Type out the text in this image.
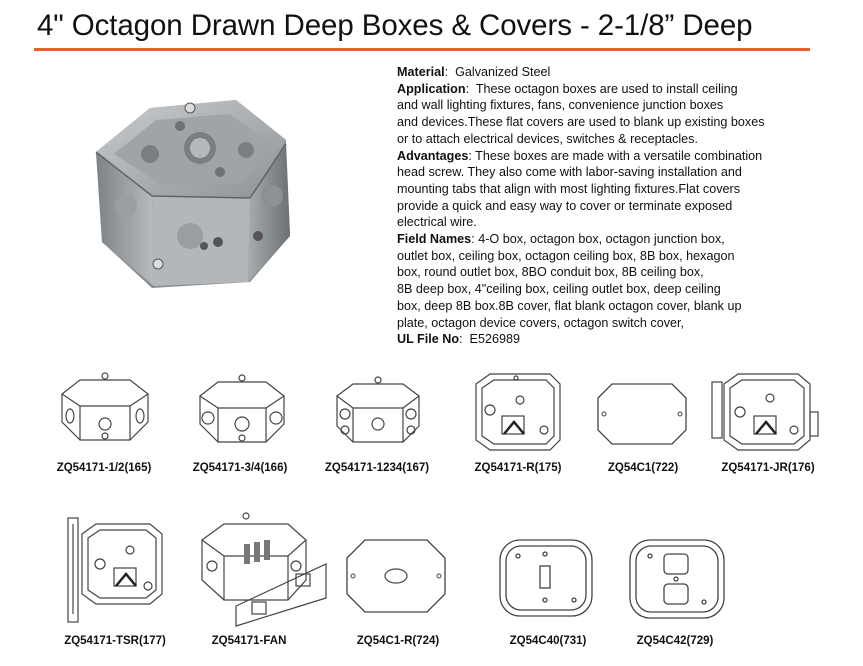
4" Octagon Drawn Deep Boxes & Covers - 2-1/8” Deep

Material: Galvanized Steel

Application: These octagon boxes are used to install ceiling
and wall lighting fixtures, fans, convenience junction boxes
and devices.These flat covers are used to blank up existing boxes
or to attach electrical devices, switches & receptacles.

Advantages: These boxes are made with a versatile combination
head screw. They also come with labor-saving installation and
mounting tabs that align with most lighting fixtures.Flat covers
provide a quick and easy way to cover or terminate exposed
electrical wire.

Field Names: 4-O box, octagon box, octagon junction box,
outlet box, ceiling box, octagon ceiling box, 8B box, hexagon
box, round outlet box, 8BO conduit box, 8B ceiling box,
8B deep box, 4"ceiling box, ceiling outlet box, deep ceiling
box, deep 8B box.8B cover, flat blank octagon cover, blank up
plate, octagon device covers, octagon switch cover,

UL File No: E526989

ZQ54171-1/2(165)	ZQ54171-3/4(166)	ZQ54171-1234(167)	ZQ54171-R(175)	ZQ54C1(722)	ZQ54171-JR(176)
ZQ54171-TSR(177)	ZQ54171-FAN	ZQ54C1-R(724)	ZQ54C40(731)	ZQ54C42(729)
